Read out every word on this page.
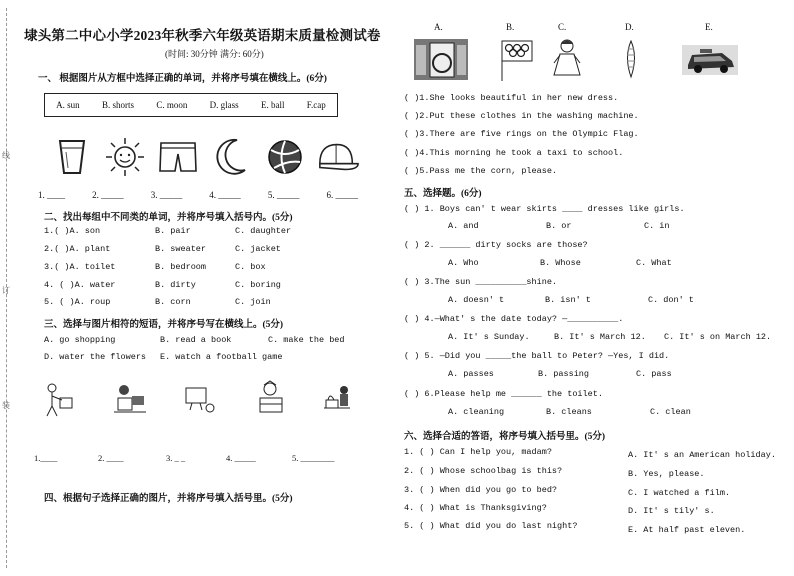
线
订
装
埭头第二中心小学2023年秋季六年级英语期末质量检测试卷
(时间: 30分钟 满分: 60分)
一、 根据图片从方框中选择正确的单词，并将序号填在横线上。(6分)
A. sun B. shorts C. moon D. glass E. ball F.cap
1. ____	2. _____	3. _____	4. _____	5. _____	6. _____
二、找出每组中不同类的单词，并将序号填入括号内。(5分)
1.( )A. son	B. pair	C. daughter
2.( )A. plant	B. sweater	C. jacket
3.( )A. toilet	B. bedroom	C. box
4. ( )A. water	B. dirty	C. boring
5. ( )A. roup	B. corn	C. join
三、选择与图片相符的短语，并将序号写在横线上。(5分)
A. go shopping	B. read a book	C. make the bed
D. water the flowers E. watch a football game
1.____	2. ____	3. _ _	4. _____	5. ________
四、根据句子选择正确的图片，并将序号填入括号里。(5分)
A.	B.	C.	D.	E.
( )1.She looks beautiful in her new dress.
( )2.Put these clothes in the washing machine.
( )3.There are five rings on the Olympic Flag.
( )4.This morning he took a taxi to school.
( )5.Pass me the corn, please.
五、选择题。(6分)
( ) 1. Boys can' t wear skirts ____ dresses like girls.
A. and	B. or	C. in
( ) 2. ______ dirty socks are those?
A. Who	B. Whose	C. What
( ) 3.The sun __________shine.
A. doesn' t	B. isn' t	C. don' t
( ) 4.—What' s the date today? —__________.
A. It' s Sunday.	B. It' s March 12. C. It' s on March 12.
( ) 5. —Did you _____the ball to Peter? —Yes, I did.
A. passes	B. passing	C. pass
( ) 6.Please help me ______ the toilet.
A. cleaning	B. cleans	C. clean
六、选择合适的答语，将序号填入括号里。(5分)
1. ( ) Can I help you, madam?	A. It' s an American holiday.
2. ( ) Whose schoolbag is this?	B. Yes, please.
3. ( ) When did you go to bed?	C. I watched a film.
4. ( ) What is Thanksgiving?	D. It' s tily' s.
5. ( ) What did you do last night?	E. At half past eleven.
